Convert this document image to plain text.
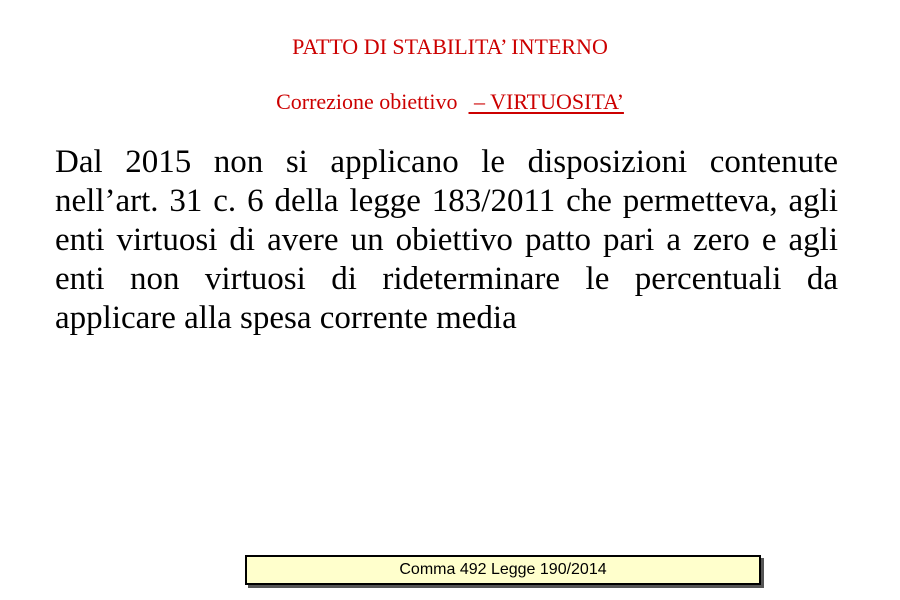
PATTO DI STABILITA’ INTERNO
Correzione obiettivo   – VIRTUOSITA’

Dal 2015 non si applicano le disposizioni contenute nell’art. 31 c. 6 della legge 183/2011 che permetteva, agli enti virtuosi di avere un obiettivo patto pari a zero e agli enti non virtuosi di rideterminare le percentuali da applicare alla spesa corrente media

Comma 492 Legge 190/2014
